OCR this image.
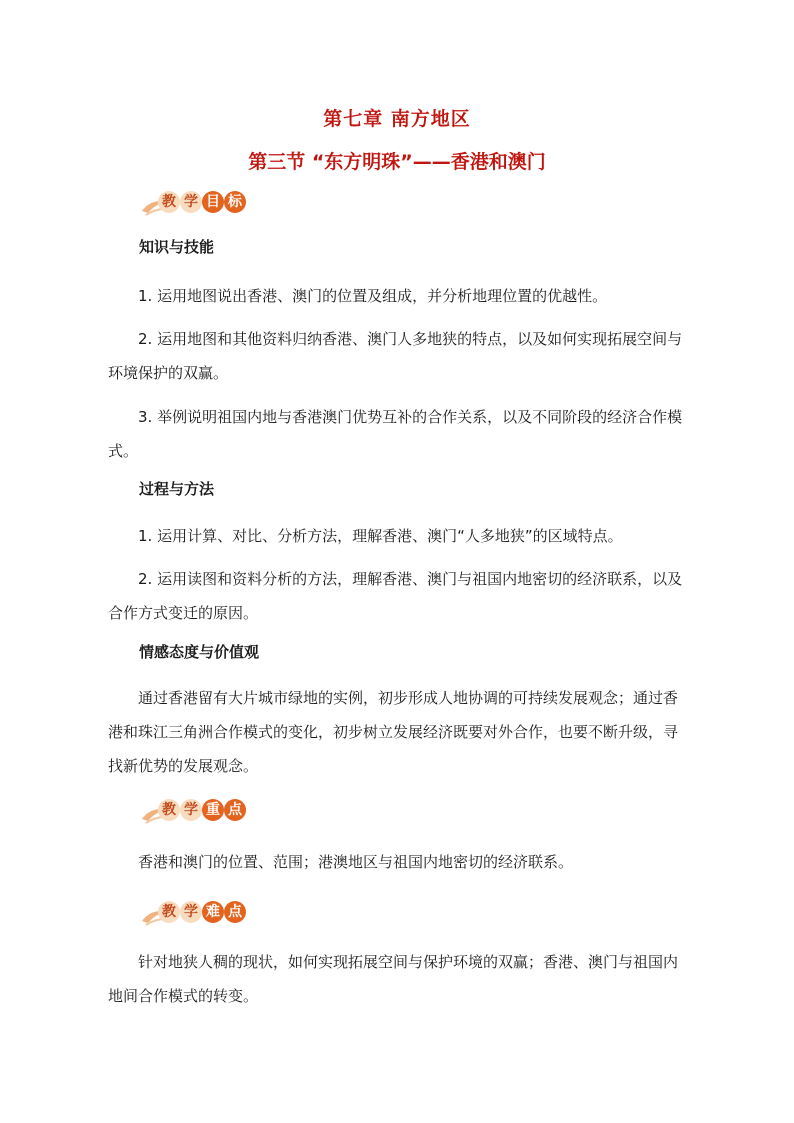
第七章 南方地区
第三节 “东方明珠”——香港和澳门
教 学 目 标
知识与技能
1. 运用地图说出香港、澳门的位置及组成，并分析地理位置的优越性。
2. 运用地图和其他资料归纳香港、澳门人多地狭的特点，以及如何实现拓展空间与环境保护的双赢。
3. 举例说明祖国内地与香港澳门优势互补的合作关系，以及不同阶段的经济合作模式。
过程与方法
1. 运用计算、对比、分析方法，理解香港、澳门“人多地狭”的区域特点。
2. 运用读图和资料分析的方法，理解香港、澳门与祖国内地密切的经济联系，以及合作方式变迁的原因。
情感态度与价值观
通过香港留有大片城市绿地的实例，初步形成人地协调的可持续发展观念；通过香港和珠江三角洲合作模式的变化，初步树立发展经济既要对外合作，也要不断升级，寻找新优势的发展观念。
教 学 重 点
香港和澳门的位置、范围；港澳地区与祖国内地密切的经济联系。
教 学 难 点
针对地狭人稠的现状，如何实现拓展空间与保护环境的双赢；香港、澳门与祖国内地间合作模式的转变。
